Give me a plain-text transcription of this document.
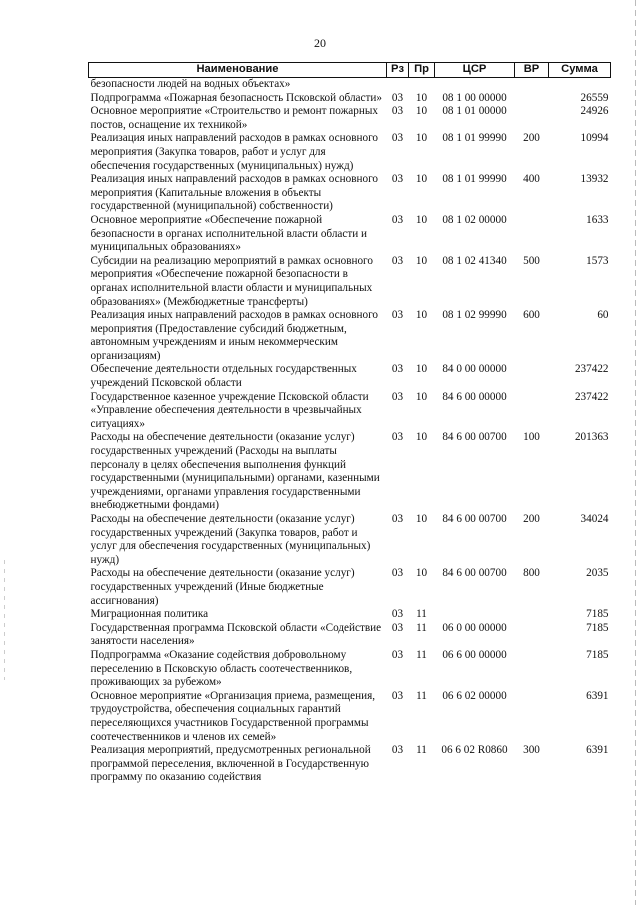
20
Наименование	Рз	Пр	ЦСР	ВР	Сумма
безопасности людей на водных объектах»					
Подпрограмма «Пожарная безопасность Псковской области»	03	10	08 1 00 00000		26559
Основное мероприятие «Строительство и ремонт пожарных постов, оснащение их техникой»	03	10	08 1 01 00000		24926
Реализация иных направлений расходов в рамках основного мероприятия (Закупка товаров, работ и услуг для обеспечения государственных (муниципальных) нужд)	03	10	08 1 01 99990	200	10994
Реализация иных направлений расходов в рамках основного мероприятия (Капитальные вложения в объекты государственной (муниципальной) собственности)	03	10	08 1 01 99990	400	13932
Основное мероприятие «Обеспечение пожарной безопасности в органах исполнительной власти области и муниципальных образованиях»	03	10	08 1 02 00000		1633
Субсидии на реализацию мероприятий в рамках основного мероприятия «Обеспечение пожарной безопасности в органах исполнительной власти области и муниципальных образованиях» (Межбюджетные трансферты)	03	10	08 1 02 41340	500	1573
Реализация иных направлений расходов в рамках основного мероприятия (Предоставление субсидий бюджетным, автономным учреждениям и иным некоммерческим организациям)	03	10	08 1 02 99990	600	60
Обеспечение деятельности отдельных государственных учреждений Псковской области	03	10	84 0 00 00000		237422
Государственное казенное учреждение Псковской области «Управление обеспечения деятельности в чрезвычайных ситуациях»	03	10	84 6 00 00000		237422
Расходы на обеспечение деятельности (оказание услуг) государственных учреждений (Расходы на выплаты персоналу в целях обеспечения выполнения функций государственными (муниципальными) органами, казенными учреждениями, органами управления государственными внебюджетными фондами)	03	10	84 6 00 00700	100	201363
Расходы на обеспечение деятельности (оказание услуг) государственных учреждений (Закупка товаров, работ и услуг для обеспечения государственных (муниципальных) нужд)	03	10	84 6 00 00700	200	34024
Расходы на обеспечение деятельности (оказание услуг) государственных учреждений (Иные бюджетные ассигнования)	03	10	84 6 00 00700	800	2035
Миграционная политика	03	11			7185
Государственная программа Псковской области «Содействие занятости населения»	03	11	06 0 00 00000		7185
Подпрограмма «Оказание содействия добровольному переселению в Псковскую область соотечественников, проживающих за рубежом»	03	11	06 6 00 00000		7185
Основное мероприятие «Организация приема, размещения, трудоустройства, обеспечения социальных гарантий переселяющихся участников Государственной программы соотечественников и членов их семей»	03	11	06 6 02 00000		6391
Реализация мероприятий, предусмотренных региональной программой переселения, включенной в Государственную программу по оказанию содействия	03	11	06 6 02 R0860	300	6391
